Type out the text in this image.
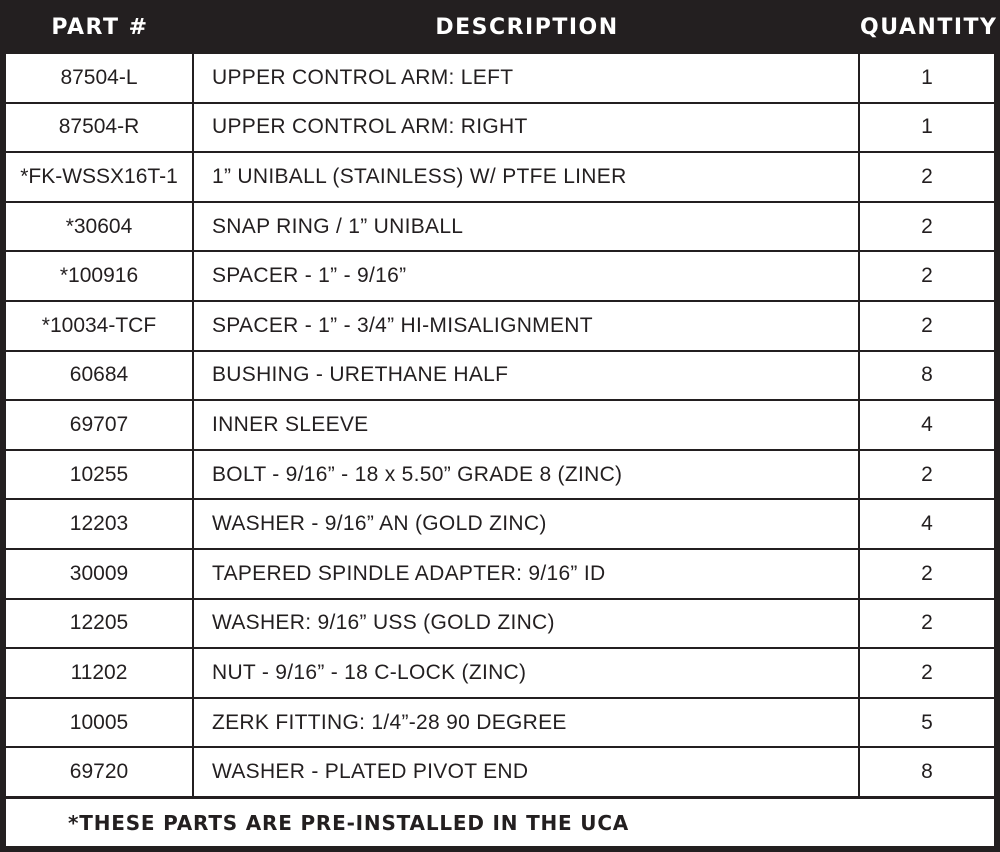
PART #	DESCRIPTION	QUANTITY
87504-L	UPPER CONTROL ARM: LEFT	1
87504-R	UPPER CONTROL ARM: RIGHT	1
*FK-WSSX16T-1	1” UNIBALL (STAINLESS) W/ PTFE LINER	2
*30604	SNAP RING / 1” UNIBALL	2
*100916	SPACER - 1” - 9/16”	2
*10034-TCF	SPACER - 1” - 3/4” HI-MISALIGNMENT	2
60684	BUSHING - URETHANE HALF	8
69707	INNER SLEEVE	4
10255	BOLT - 9/16” - 18 x 5.50” GRADE 8 (ZINC)	2
12203	WASHER - 9/16” AN (GOLD ZINC)	4
30009	TAPERED SPINDLE ADAPTER: 9/16” ID	2
12205	WASHER: 9/16” USS (GOLD ZINC)	2
11202	NUT - 9/16” - 18 C-LOCK (ZINC)	2
10005	ZERK FITTING: 1/4”-28 90 DEGREE	5
69720	WASHER - PLATED PIVOT END	8
*THESE PARTS ARE PRE-INSTALLED IN THE UCA
